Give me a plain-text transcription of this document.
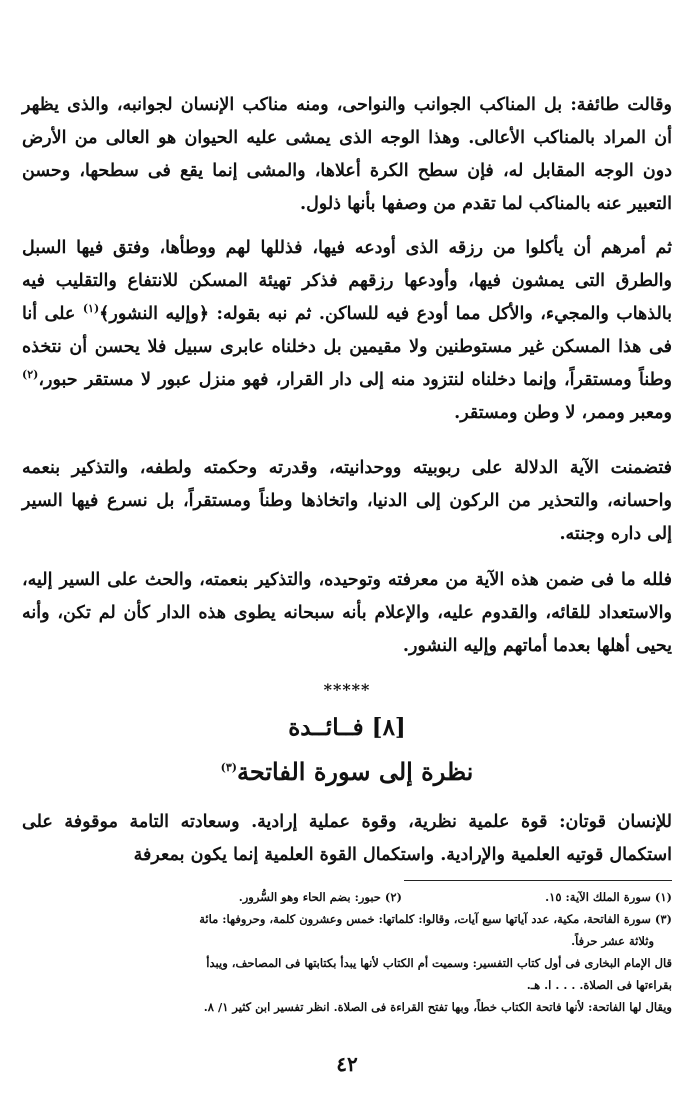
وقالت طائفة: بل المناكب الجوانب والنواحى، ومنه مناكب الإنسان لجوانبه، والذى يظهر أن المراد بالمناكب الأعالى. وهذا الوجه الذى يمشى عليه الحيوان هو العالى من الأرض دون الوجه المقابل له، فإن سطح الكرة أعلاها، والمشى إنما يقع فى سطحها، وحسن التعبير عنه بالمناكب لما تقدم من وصفها بأنها ذلول.

ثم أمرهم أن يأكلوا من رزقه الذى أودعه فيها، فذللها لهم ووطأها، وفتق فيها السبل والطرق التى يمشون فيها، وأودعها رزقهم فذكر تهيئة المسكن للانتفاع والتقليب فيه بالذهاب والمجيء، والأكل مما أودع فيه للساكن. ثم نبه بقوله: ﴿وإليه النشور﴾$^{(١)}$ على أنا فى هذا المسكن غير مستوطنين ولا مقيمين بل دخلناه عابرى سبيل فلا يحسن أن نتخذه وطناً ومستقراً، وإنما دخلناه لنتزود منه إلى دار القرار، فهو منزل عبور لا مستقر حبور،$^{(٢)}$ ومعبر وممر، لا وطن ومستقر.

فتضمنت الآية الدلالة على ربوبيته ووحدانيته، وقدرته وحكمته ولطفه، والتذكير بنعمه واحسانه، والتحذير من الركون إلى الدنيا، واتخاذها وطناً ومستقراً، بل نسرع فيها السير إلى داره وجنته.

فلله ما فى ضمن هذه الآية من معرفته وتوحيده، والتذكير بنعمته، والحث على السير إليه، والاستعداد للقائه، والقدوم عليه، والإعلام بأنه سبحانه يطوى هذه الدار كأن لم تكن، وأنه يحيى أهلها بعدما أماتهم وإليه النشور.

*****

[٨] فــائــدة

نظرة إلى سورة الفاتحة$^{(٣)}$

للإنسان قوتان: قوة علمية نظرية، وقوة عملية إرادية. وسعادته التامة موقوفة على استكمال قوتيه العلمية والإرادية. واستكمال القوة العلمية إنما يكون بمعرفة

(١) سورة الملك الآية: ١٥.
(٢) حبور: بضم الحاء وهو السُّرور.

(٣) سورة الفاتحة، مكية، عدد آياتها سبع آيات، وقالوا: كلماتها: خمس وعشرون كلمة، وحروفها: مائة

وثلاثة عشر حرفاً.

قال الإمام البخارى فى أول كتاب التفسير: وسميت أم الكتاب لأنها يبدأ بكتابتها فى المصاحف، ويبدأ

بقراءتها فى الصلاة. . . . ا. هـ.

ويقال لها الفاتحة: لأنها فاتحة الكتاب خطاً، وبها تفتح القراءة فى الصلاة. انظر تفسير ابن كثير ١/ ٨.

٤٢
